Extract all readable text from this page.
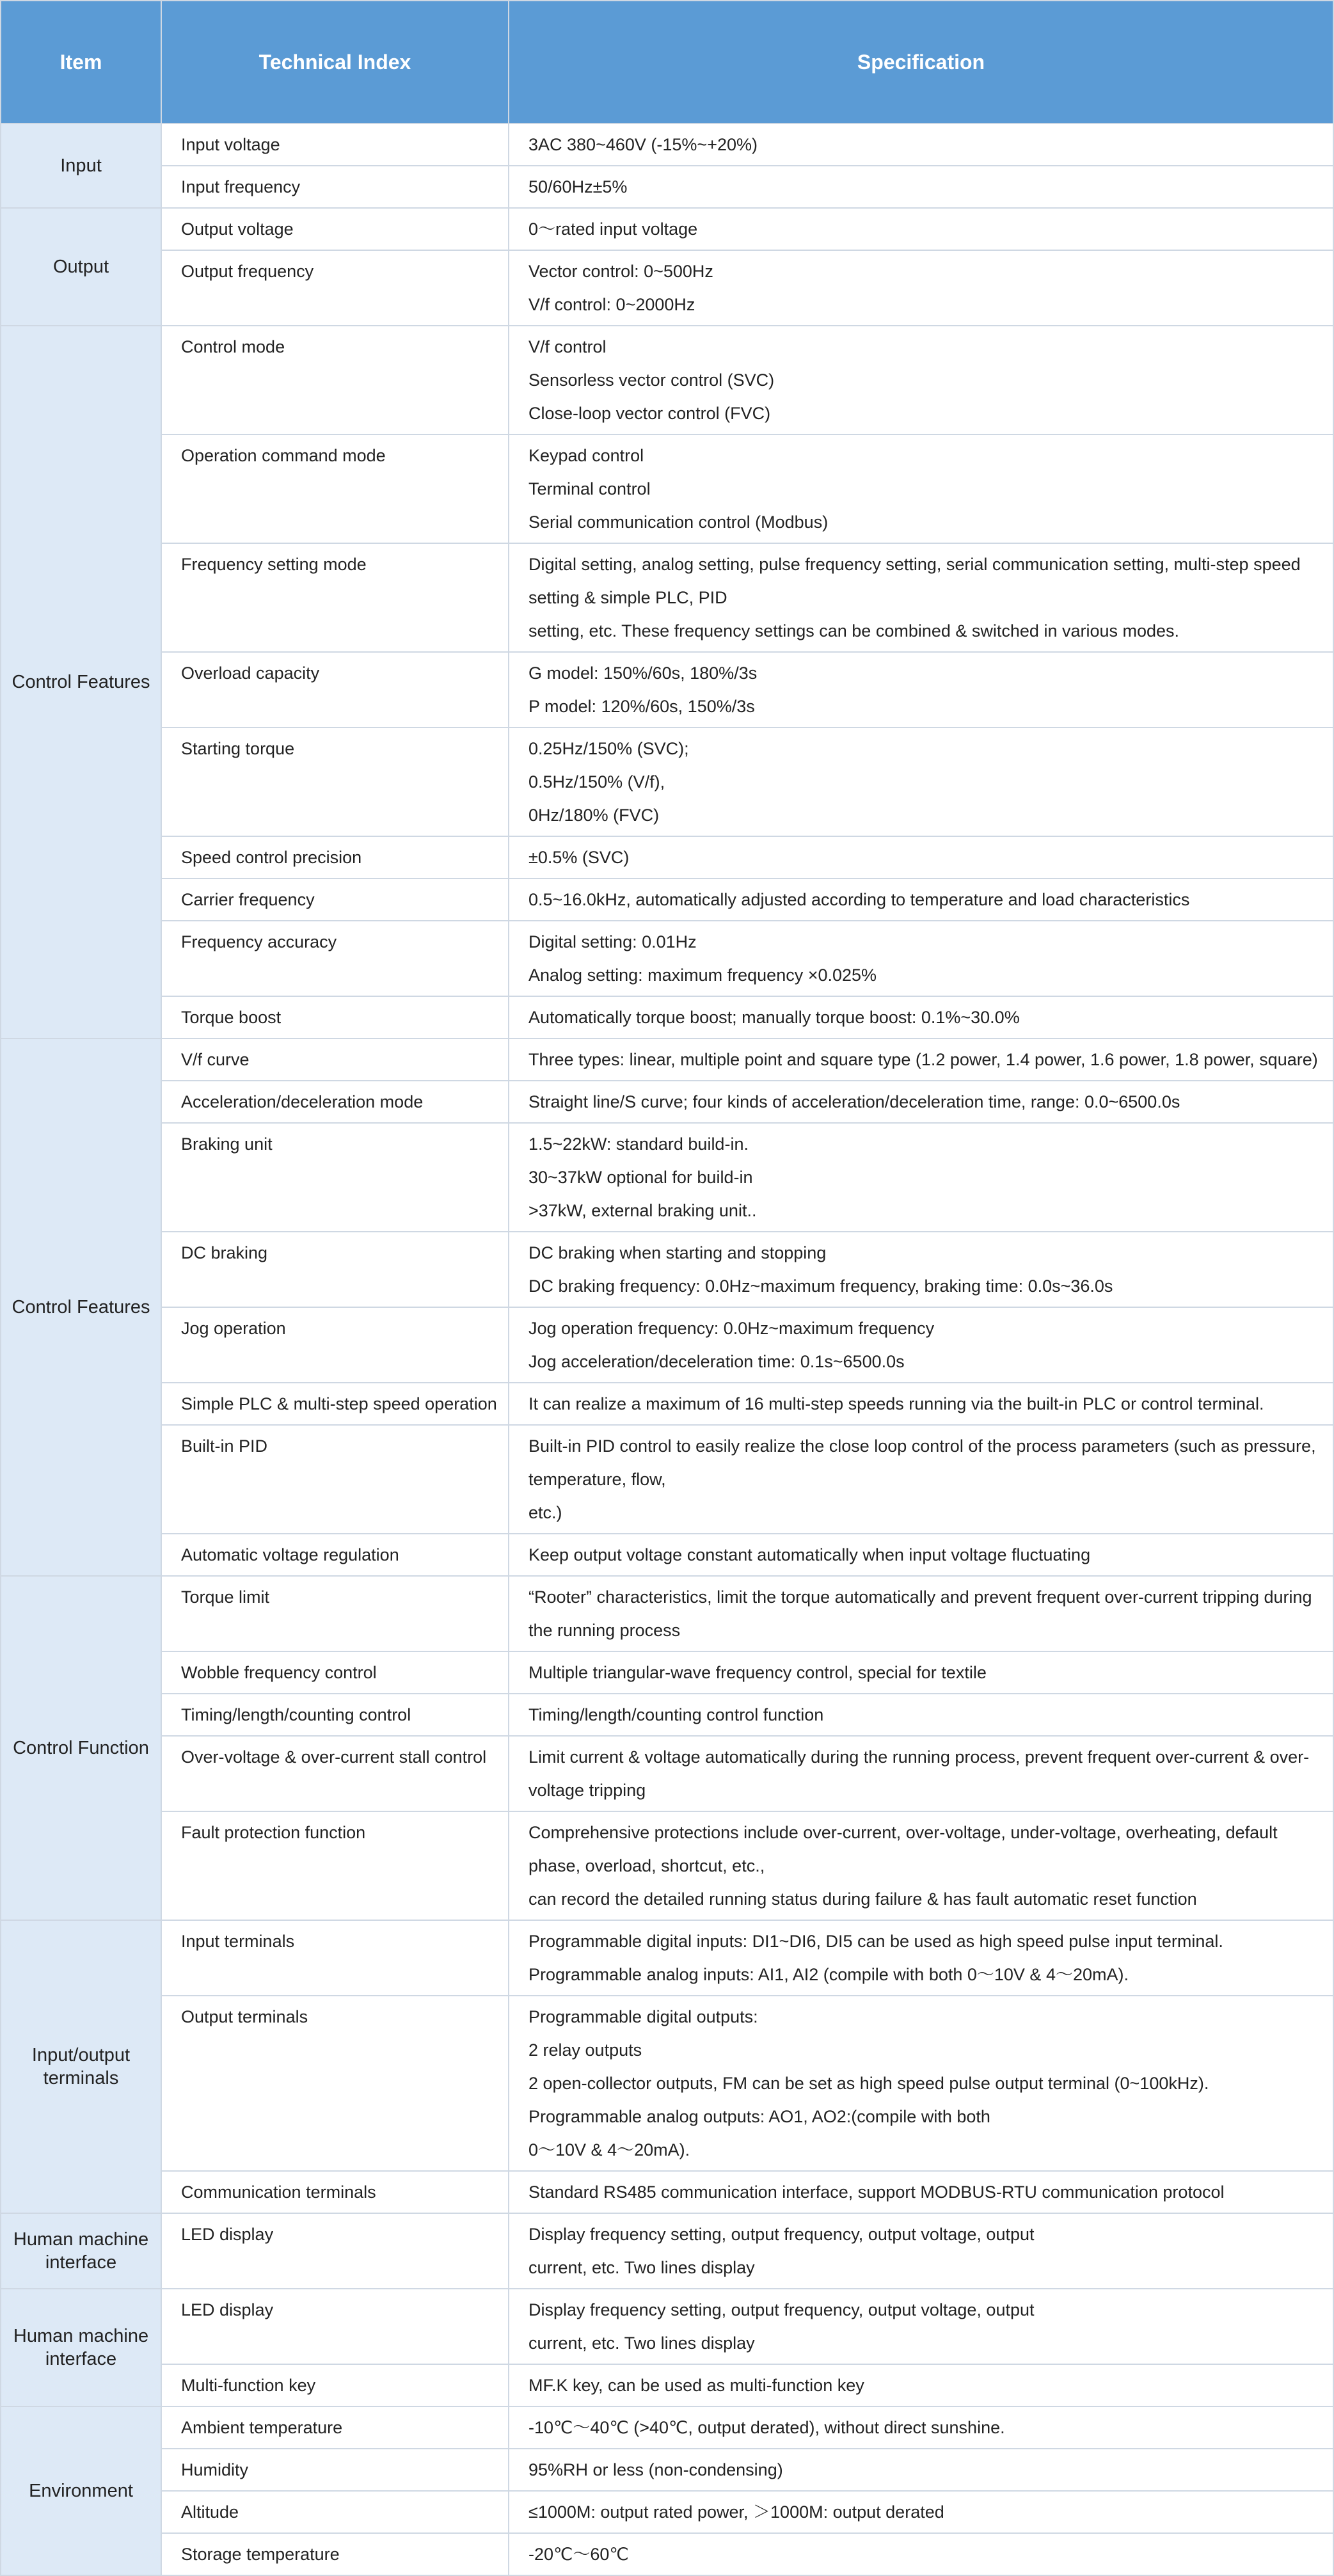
Item	Technical Index	Specification
Input	Input voltage	3AC 380~460V (-15%~+20%)

	Input frequency	50/60Hz±5%

Output	Output voltage	0～rated input voltage

	Output frequency	Vector control: 0~500Hz
V/f control: 0~2000Hz

Control Features	Control mode	V/f control
Sensorless vector control (SVC)
Close-loop vector control (FVC)

	Operation command mode	Keypad control
Terminal control
Serial communication control (Modbus)

	Frequency setting mode	Digital setting, analog setting, pulse frequency setting, serial communication setting, multi-step speed setting & simple PLC, PID
setting, etc. These frequency settings can be combined & switched in various modes.

	Overload capacity	G model: 150%/60s, 180%/3s
P model: 120%/60s, 150%/3s

	Starting torque	0.25Hz/150% (SVC);
0.5Hz/150% (V/f),
0Hz/180% (FVC)

	Speed control precision	±0.5% (SVC)

	Carrier frequency	0.5~16.0kHz, automatically adjusted according to temperature and load characteristics

	Frequency accuracy	Digital setting: 0.01Hz
Analog setting: maximum frequency ×0.025%

	Torque boost	Automatically torque boost; manually torque boost: 0.1%~30.0%

Control Features	V/f curve	Three types: linear, multiple point and square type (1.2 power, 1.4 power, 1.6 power, 1.8 power, square)

	Acceleration/deceleration mode	Straight line/S curve; four kinds of acceleration/deceleration time, range: 0.0~6500.0s

	Braking unit	1.5~22kW: standard build-in.
30~37kW optional for build-in
>37kW, external braking unit..

	DC braking	DC braking when starting and stopping
DC braking frequency: 0.0Hz~maximum frequency, braking time: 0.0s~36.0s

	Jog operation	Jog operation frequency: 0.0Hz~maximum frequency
Jog acceleration/deceleration time: 0.1s~6500.0s

	Simple PLC & multi-step speed operation	It can realize a maximum of 16 multi-step speeds running via the built-in PLC or control terminal.

	Built-in PID	Built-in PID control to easily realize the close loop control of the process parameters (such as pressure, temperature, flow,
etc.)

	Automatic voltage regulation	Keep output voltage constant automatically when input voltage fluctuating

Control Function	Torque limit	“Rooter” characteristics, limit the torque automatically and prevent frequent over-current tripping during the running process

	Wobble frequency control	Multiple triangular-wave frequency control, special for textile

	Timing/length/counting control	Timing/length/counting control function

	Over-voltage & over-current stall control	Limit current & voltage automatically during the running process, prevent frequent over-current & over-voltage tripping

	Fault protection function	Comprehensive protections include over-current, over-voltage, under-voltage, overheating, default phase, overload, shortcut, etc.,
can record the detailed running status during failure & has fault automatic reset function

Input/output terminals	Input terminals	Programmable digital inputs: DI1~DI6, DI5 can be used as high speed pulse input terminal.
Programmable analog inputs: AI1, AI2 (compile with both 0～10V & 4～20mA).

	Output terminals	Programmable digital outputs:
2 relay outputs
2 open-collector outputs, FM can be set as high speed pulse output terminal (0~100kHz).
Programmable analog outputs: AO1, AO2:(compile with both
0～10V & 4～20mA).

	Communication terminals	Standard RS485 communication interface, support MODBUS-RTU communication protocol

Human machine interface	LED display	Display frequency setting, output frequency, output voltage, output
current, etc. Two lines display

Human machine interface	LED display	Display frequency setting, output frequency, output voltage, output
current, etc. Two lines display

	Multi-function key	MF.K key, can be used as multi-function key

Environment	Ambient temperature	-10℃～40℃ (>40℃, output derated), without direct sunshine.

	Humidity	95%RH or less (non-condensing)

	Altitude	≤1000M: output rated power, ＞1000M: output derated

	Storage temperature	-20℃～60℃
